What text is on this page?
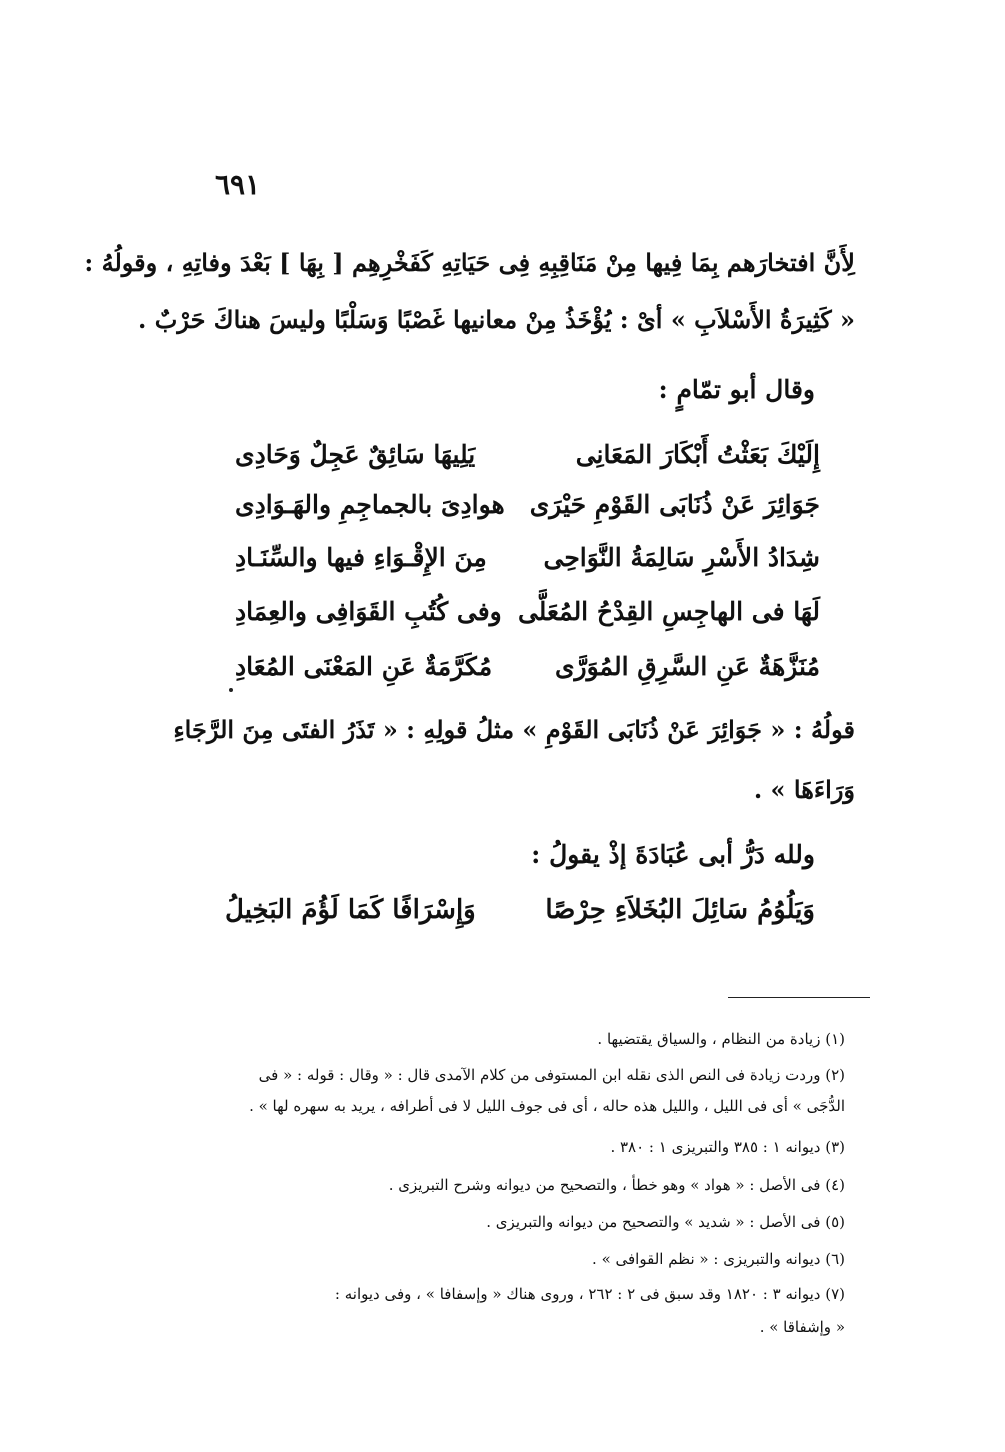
٦٩١
لِأَنَّ افتخارَهم بِمَا فِيها مِنْ مَنَاقِبِهِ فِى حَيَاتِهِ كَفَخْرِهِم [ بِهَا ] بَعْدَ وفاتِهِ ، وقولُهُ :
« كَثِيرَةُ الأَسْلاَبِ » أىْ : يُؤْخَذُ مِنْ معانيها غَصْبًا وَسَلْبًا وليسَ هناكَ حَرْبٌ .
وقال أبو تمّامٍ :
إِلَيْكَ بَعَثْتُ أَبْكَارَ المَعَانِى
يَلِيهَا سَائِقٌ عَجِلٌ وَحَادِى
جَوَائِرَ عَنْ ذُنَابَى القَوْمِ حَيْرَى
هوادِىَ بالجماجِمِ والهَـوَادِى
شِدَادُ الأَسْرِ سَالِمَةُ النَّوَاحِى
مِنَ الإِقْـوَاءِ فيها والسِّنَـادِ
لَهَا فى الهاجِسِ القِدْحُ المُعَلَّى
وفى كُتُبِ القَوَافِى والعِمَادِ
مُنَزَّهَةٌ عَنِ السَّرِقِ المُوَرَّى
مُكَرَّمَةٌ عَنِ المَعْنَى المُعَادِ
قولُهُ : « جَوَائِرَ عَنْ ذُنَابَى القَوْمِ » مثلُ قولِهِ : « تَذَرُ الفتَى مِنَ الرَّجَاءِ
وَرَاءَهَا » .
ولله دَرُّ أبى عُبَادَةَ إذْ يقولُ :
وَيَلُوُمُ سَائِلَ البُخَلاَءِ حِرْصًا
وَإِسْرَافًا كَمَا لَؤُمَ البَخِيلُ
(١) زيادة من النظام ، والسياق يقتضيها .
(٢) وردت زيادة فى النص الذى نقله ابن المستوفى من كلام الآمدى قال : « وقال : قوله : « فى
الدُّجَى » أى فى الليل ، والليل هذه حاله ، أى فى جوف الليل لا فى أطرافه ، يريد به سهره لها » .
(٣) ديوانه ١ : ٣٨٥ والتبريزى ١ : ٣٨٠ .
(٤) فى الأصل : « هواد » وهو خطأ ، والتصحيح من ديوانه وشرح التبريزى .
(٥) فى الأصل : « شديد » والتصحيح من ديوانه والتبريزى .
(٦) ديوانه والتبريزى : « نظم القوافى » .
(٧) ديوانه ٣ : ١٨٢٠ وقد سبق فى ٢ : ٢٦٢ ، وروى هناك « وإسفافا » ، وفى ديوانه :
« وإشفاقا » .
